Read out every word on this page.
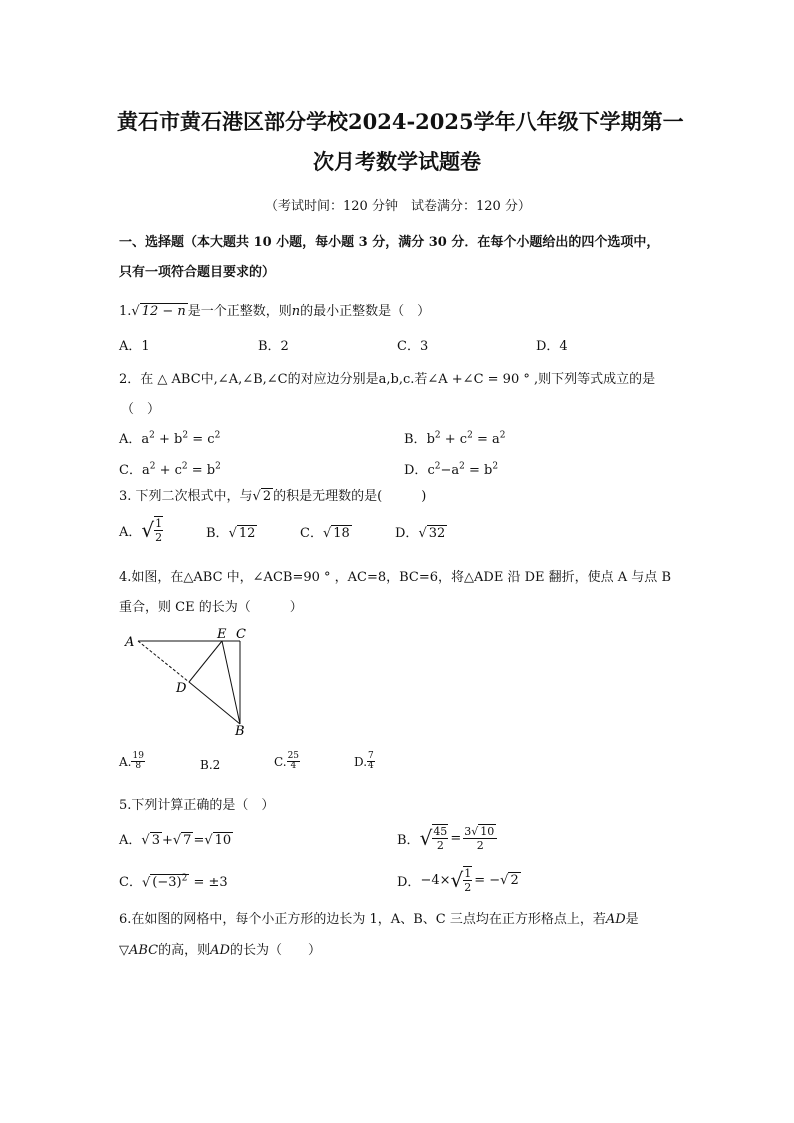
黄石市黄石港区部分学校2024-2025学年八年级下学期第一
次月考数学试题卷
（考试时间：120 分钟　试卷满分：120 分）
一、选择题（本大题共 10 小题，每小题 3 分，满分 30 分．在每个小题给出的四个选项中，
只有一项符合题目要求的）
1.√ 12 − n 是一个正整数，则n的最小正整数是（　）
A．1	B．2	C．3	D．4
2．在 △ ABC中,∠A,∠B,∠C的对应边分别是a,b,c.若∠A +∠C = 90 ° ,则下列等式成立的是
（　）
A．$a^2 + b^2 = c^2$	B．$b^2 + c^2 = a^2$
C．$a^2 + c^2 = b^2$	D．$c^2-a^2 = b^2$
3. 下列二次根式中，与√ 2 的积是无理数的是(　　　)
A． √ $\frac{1}{2}$	B．√ 12	C．√ 18	D．√ 32
4.如图，在△ABC 中，∠ACB=90 ° ，AC=8，BC=6，将△ADE 沿 DE 翻折，使点 A 与点 B
重合，则 CE 的长为（　　　）
A
E C
D
B
A. $\frac{19}{8}$	B.2	C. $\frac{25}{4}$	D. $\frac{7}{4}$
5.下列计算正确的是（　）
A．√ 3 +√ 7 =√ 10	B． √ $\frac{45}{2} = \frac{3√ 10}{2}$
C．√ $(-3)^2 = \pm 3$	D． −4× √ $\frac{1}{2}$ = − √ 2
6.在如图的网格中，每个小正方形的边长为 1，A、B、C 三点均在正方形格点上，若AD是
▽ABC的高，则AD的长为（　　）
